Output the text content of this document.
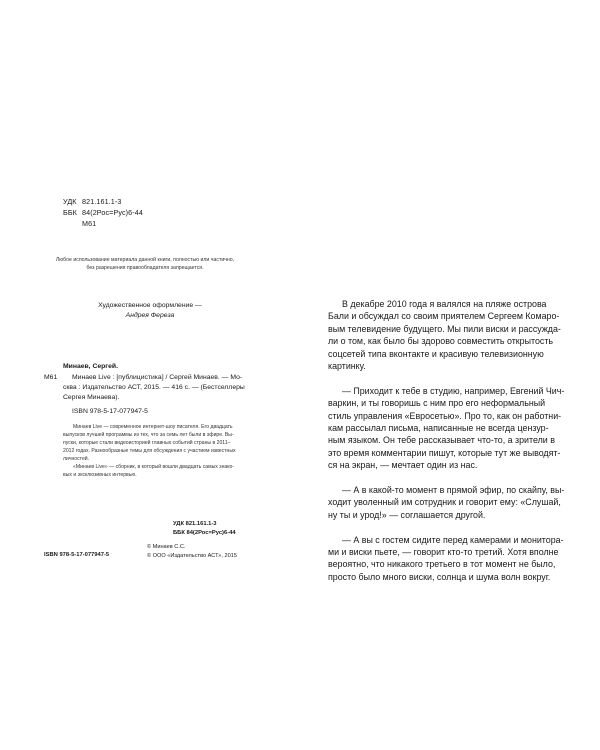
УДК 821.161.1-3
ББК 84(2Рос=Рус)6-44
М61
Любое использование материала данной книги, полностью или частично,
без разрешения правообладателя запрещается.
Художественное оформление —
Андрея Фереза
Минаев, Сергей.
М61	Минаев Live : [публицистика] / Сергей Минаев. — Мо-
сква : Издательство АСТ, 2015. — 416 с. — (Бестселлеры
Сергея Минаева).
ISBN 978-5-17-077947-5

Минаев Live — современное интернет-шоу писателя. Его двадцать
выпусков лучшей программы из тех, что за семь лет были в эфире. Вы-
пуски, которые стали видеоисторией главных событий страны в 2011–
2012 годах. Разнообразные темы для обсуждения с участием известных
личностей.

«Минаев Live» — сборник, в который вошли двадцать самых знако-
вых и эксклюзивных интервью.

УДК 821.161.1-3
ББК 84(2Рос=Рус)6-44
ISBN 978-5-17-077947-5
© Минаев С.С.
© ООО «Издательство АСТ», 2015

В декабре 2010 года я валялся на пляже острова
Бали и обсуждал со своим приятелем Сергеем Комаро-
вым телевидение будущего. Мы пили виски и рассужда-
ли о том, как было бы здорово совместить открытость
соцсетей типа вконтакте и красивую телевизионную
картинку.

— Приходит к тебе в студию, например, Евгений Чич-
варкин, и ты говоришь с ним про его неформальный
стиль управления «Евросетью». Про то, как он работни-
кам рассылал письма, написанные не всегда цензур-
ным языком. Он тебе рассказывает что-то, а зрители в
это время комментарии пишут, которые тут же выводят-
ся на экран, — мечтает один из нас.

— А в какой-то момент в прямой эфир, по скайпу, вы-
ходит уволенный им сотрудник и говорит ему: «Слушай,
ну ты и урод!» — соглашается другой.

— А вы с гостем сидите перед камерами и монитора-
ми и виски пьете, — говорит кто-то третий. Хотя вполне
вероятно, что никакого третьего в тот момент не было,
просто было много виски, солнца и шума волн вокруг.
